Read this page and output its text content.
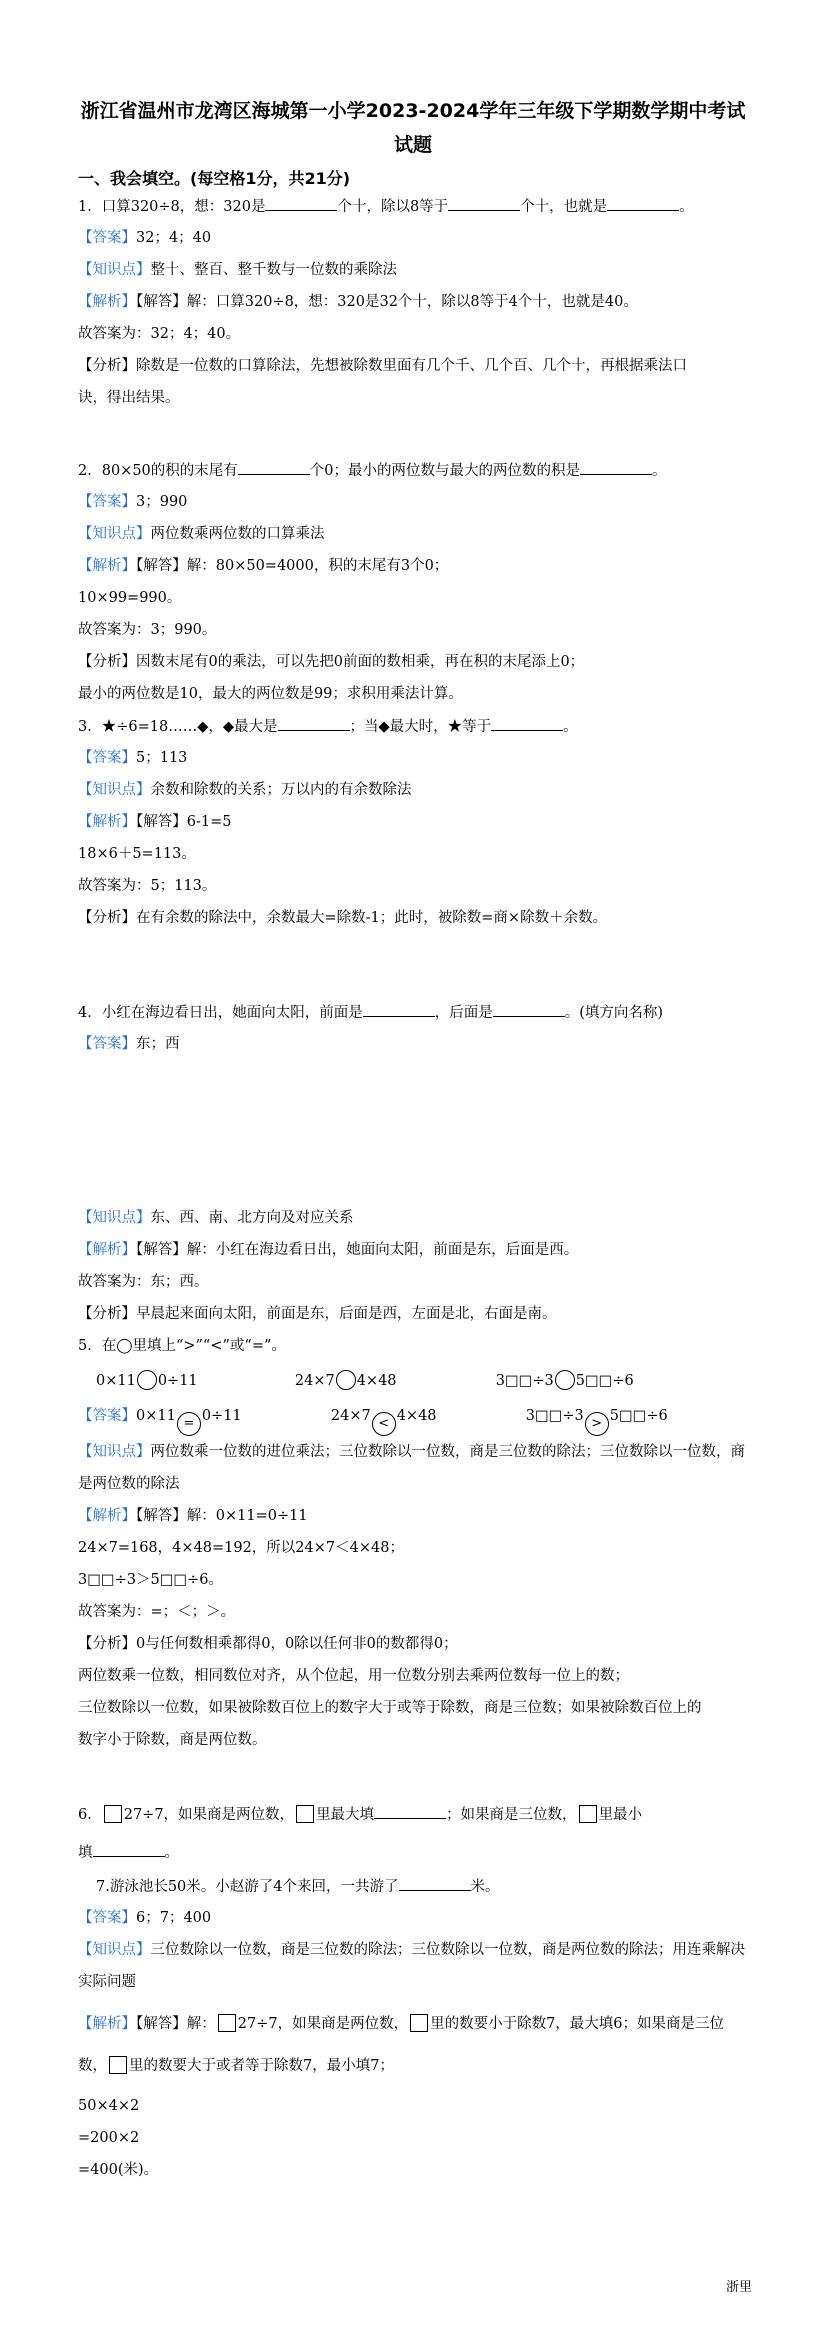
浙江省温州市龙湾区海城第一小学2023-2024学年三年级下学期数学期中考试
试题
一、我会填空。(每空格1分，共21分)
1．口算320÷8，想：320是	个十，除以8等于	个十，也就是	。
【答案】32；4；40
【知识点】整十、整百、整千数与一位数的乘除法
【解析】【解答】解：口算320÷8，想：320是32个十，除以8等于4个十，也就是40。
故答案为：32；4；40。
【分析】除数是一位数的口算除法，先想被除数里面有几个千、几个百、几个十，再根据乘法口
诀，得出结果。
2．80×50的积的末尾有	个0；最小的两位数与最大的两位数的积是	。
【答案】3；990
【知识点】两位数乘两位数的口算乘法
【解析】【解答】解：80×50=4000，积的末尾有3个0；
10×99=990。
故答案为：3；990。
【分析】因数末尾有0的乘法，可以先把0前面的数相乘，再在积的末尾添上0；
最小的两位数是10，最大的两位数是99；求积用乘法计算。
3．★÷6=18……◆，◆最大是	；当◆最大时，★等于	。
【答案】5；113
【知识点】余数和除数的关系；万以内的有余数除法
【解析】【解答】6-1=5
18×6＋5=113。
故答案为：5；113。
【分析】在有余数的除法中，余数最大=除数-1；此时，被除数=商×除数＋余数。
4．小红在海边看日出，她面向太阳，前面是	，后面是	。(填方向名称)
【答案】东；西
【知识点】东、西、南、北方向及对应关系
【解析】【解答】解：小红在海边看日出，她面向太阳，前面是东，后面是西。
故答案为：东；西。
【分析】早晨起来面向太阳，前面是东，后面是西，左面是北，右面是南。
5．在◯里填上“>”“<”或“=”。
0×11 0÷11	24×7 4×48	3□□÷3 5□□÷6
【答案】0×11 = 0÷11	24×7 < 4×48	3□□÷3 > 5□□÷6
【知识点】两位数乘一位数的进位乘法；三位数除以一位数，商是三位数的除法；三位数除以一位数，商
是两位数的除法
【解析】【解答】解：0×11=0÷11
24×7=168，4×48=192，所以24×7＜4×48；
3□□÷3＞5□□÷6。
故答案为：=；＜；＞。
【分析】0与任何数相乘都得0，0除以任何非0的数都得0；
两位数乘一位数，相同数位对齐，从个位起，用一位数分别去乘两位数每一位上的数；
三位数除以一位数，如果被除数百位上的数字大于或等于除数，商是三位数；如果被除数百位上的
数字小于除数，商是两位数。
6． 27÷7，如果商是两位数， 里最大填	；如果商是三位数， 里最小
填	。
7.游泳池长50米。小赵游了4个来回，一共游了	米。
【答案】6；7；400
【知识点】三位数除以一位数，商是三位数的除法；三位数除以一位数，商是两位数的除法；用连乘解决
实际问题
【解析】【解答】解： 27÷7，如果商是两位数， 里的数要小于除数7，最大填6；如果商是三位
数， 里的数要大于或者等于除数7，最小填7；
50×4×2
=200×2
=400(米)。
浙里
